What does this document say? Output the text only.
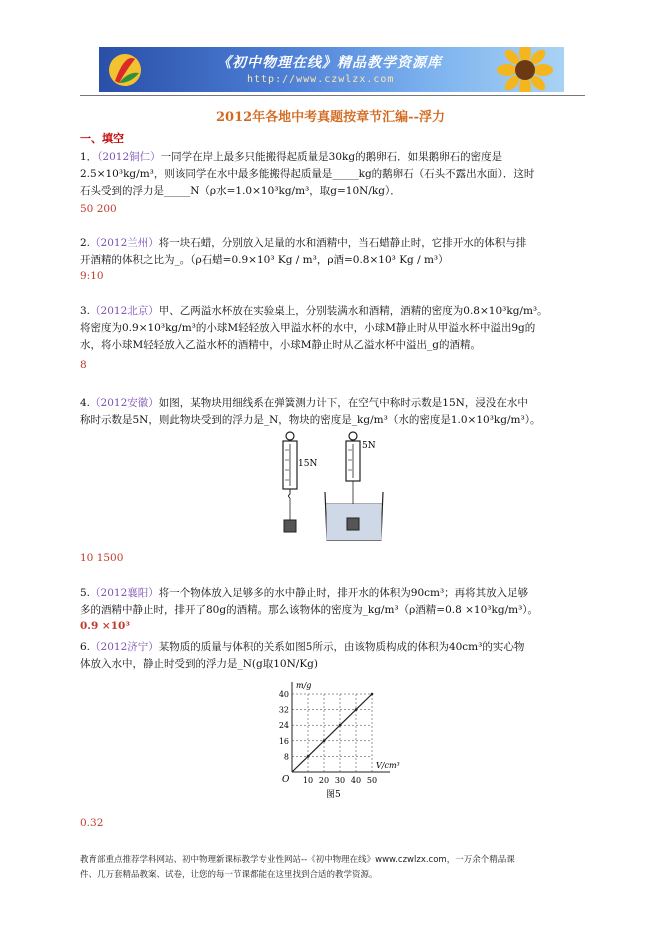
《初中物理在线》精品教学资源库
http://www.czwlzx.com
2012年各地中考真题按章节汇编--浮力
一、填空
1．（2012铜仁）一同学在岸上最多只能搬得起质量是30kg的鹅卵石．如果鹅卵石的密度是
2.5×10³kg/m³，则该同学在水中最多能搬得起质量是_____kg的鹅卵石（石头不露出水面）．这时
石头受到的浮力是_____N（ρ水=1.0×10³kg/m³，取g=10N/kg）．
50 200
2.（2012兰州）将一块石蜡，分别放入足量的水和酒精中，当石蜡静止时，它排开水的体积与排
开酒精的体积之比为_。（ρ石蜡=0.9×10³ Kg / m³，ρ酒=0.8×10³ Kg / m³）
9:10
3.（2012北京）甲、乙两溢水杯放在实验桌上，分别装满水和酒精，酒精的密度为0.8×10³kg/m³。
将密度为0.9×10³kg/m³的小球M轻轻放入甲溢水杯的水中，小球M静止时从甲溢水杯中溢出9g的
水，将小球M轻轻放入乙溢水杯的酒精中，小球M静止时从乙溢水杯中溢出_g的酒精。
8
4.（2012安徽）如图，某物块用细线系在弹簧测力计下，在空气中称时示数是15N，浸没在水中
称时示数是5N，则此物块受到的浮力是_N，物块的密度是_kg/m³（水的密度是1.0×10³kg/m³）。
15N
5N
10 1500
5.（2012襄阳）将一个物体放入足够多的水中静止时，排开水的体积为90cm³；再将其放入足够
多的酒精中静止时，排开了80g的酒精。那么该物体的密度为_kg/m³（ρ酒精=0.8 ×10³kg/m³）。
0.9 ×10³
6.（2012济宁）某物质的质量与体积的关系如图5所示，由该物质构成的体积为40cm³的实心物
体放入水中，静止时受到的浮力是_N(g取10N/Kg)
40
32
24
16
8
10 20 30 40 50
m/g
V/cm³
O
图5
0.32
教育部重点推荐学科网站、初中物理新课标教学专业性网站--《初中物理在线》www.czwlzx.com，一万余个精品课
件、几万套精品教案、试卷，让您的每一节课都能在这里找到合适的教学资源。
